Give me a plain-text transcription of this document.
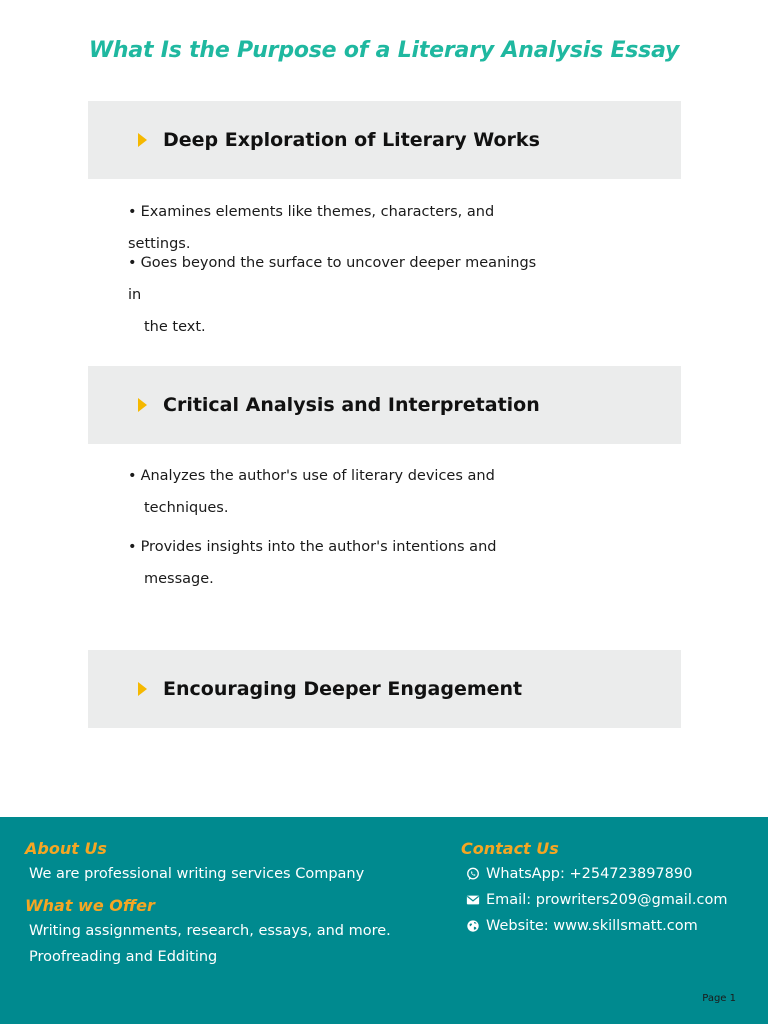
What Is the Purpose of a Literary Analysis Essay
Deep Exploration of Literary Works
• Examines elements like themes, characters, and settings.
• Goes beyond the surface to uncover deeper meanings in
the text.
Critical Analysis and Interpretation
• Analyzes the author's use of literary devices and
techniques.
• Provides insights into the author's intentions and
message.
Encouraging Deeper Engagement
About Us
We are professional writing services Company
What we Offer
Writing assignments, research, essays, and more.
Proofreading and Edditing
Contact Us
WhatsApp: +254723897890
Email: prowriters209@gmail.com
Website: www.skillsmatt.com
Page 1
